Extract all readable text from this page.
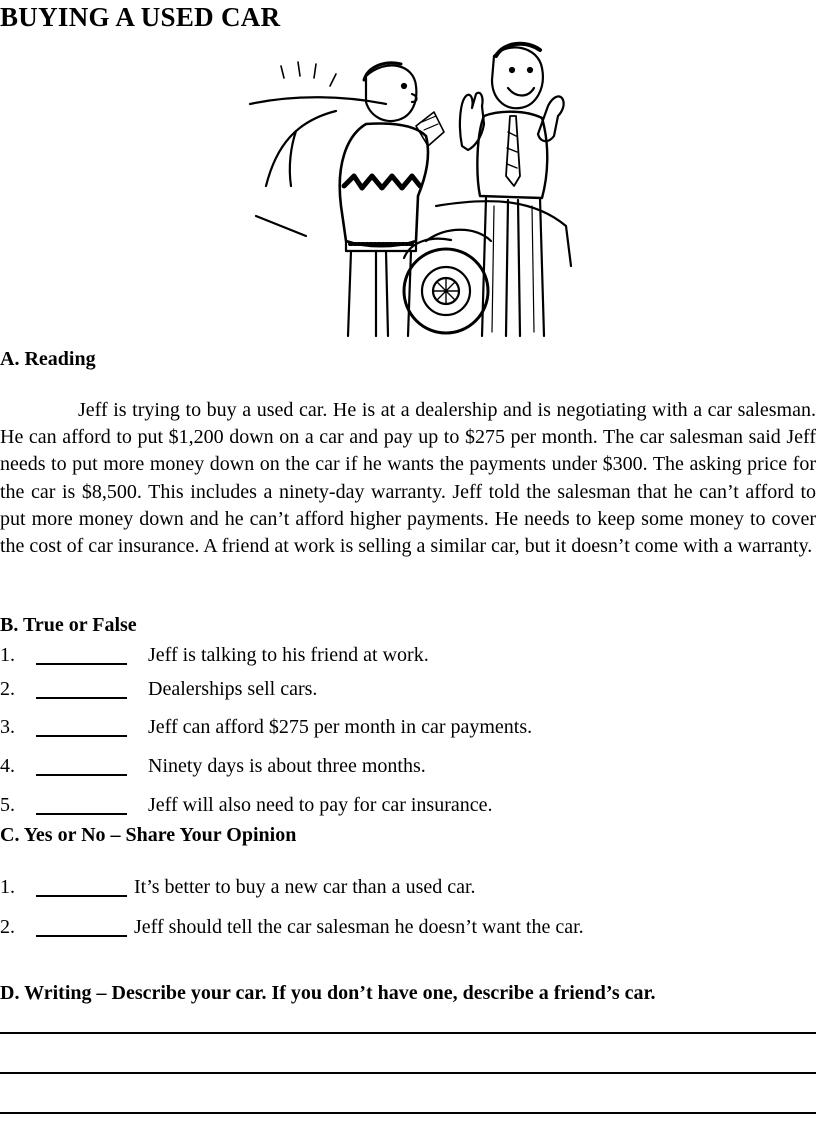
BUYING A USED CAR
A. Reading

Jeff is trying to buy a used car. He is at a dealership and is negotiating with a car salesman. He can afford to put $1,200 down on a car and pay up to $275 per month. The car salesman said Jeff needs to put more money down on the car if he wants the payments under $300. The asking price for the car is $8,500. This includes a ninety-day warranty. Jeff told the salesman that he can’t afford to put more money down and he can’t afford higher payments. He needs to keep some money to cover the cost of car insurance. A friend at work is selling a similar car, but it doesn’t come with a warranty.

B. True or False
1.	Jeff is talking to his friend at work.
2.	Dealerships sell cars.
3.	Jeff can afford $275 per month in car payments.
4.	Ninety days is about three months.
5.	Jeff will also need to pay for car insurance.
C. Yes or No – Share Your Opinion
1.	It’s better to buy a new car than a used car.
2.	Jeff should tell the car salesman he doesn’t want the car.
D. Writing – Describe your car. If you don’t have one, describe a friend’s car.
